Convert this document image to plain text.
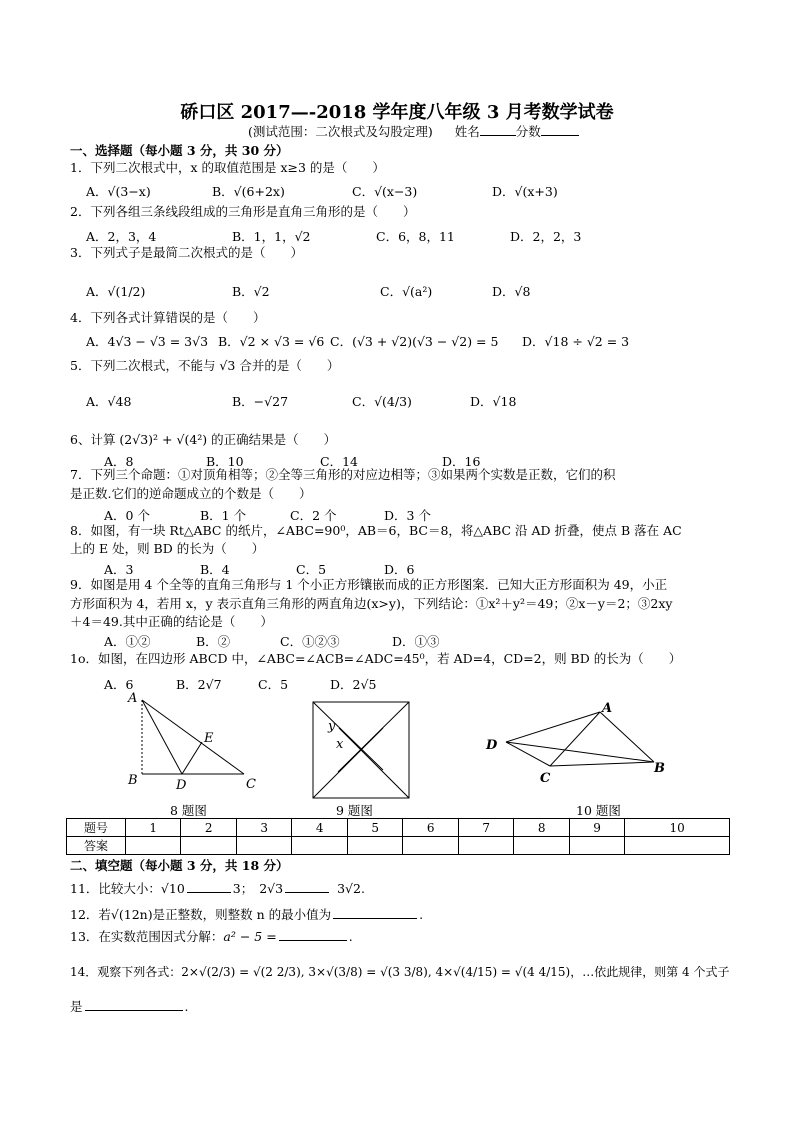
硚口区 2017—-2018 学年度八年级 3 月考数学试卷
(测试范围：二次根式及勾股定理) 姓名	分数
一、选择题（每小题 3 分，共 30 分）
1．下列二次根式中，x 的取值范围是 x≥3 的是（　　）
A．√(3−x)	B．√(6+2x)	C．√(x−3)	D．√(x+3)
2．下列各组三条线段组成的三角形是直角三角形的是（　　）
A．2，3，4	B．1，1，√2	C．6，8，11	D．2，2，3
3．下列式子是最简二次根式的是（　　）
A．√(1/2)	B．√2	C．√(a²)	D．√8
4．下列各式计算错误的是（　　）
A．4√3 − √3 = 3√3 B．√2 × √3 = √6 C．(√3 + √2)(√3 − √2) = 5 D．√18 ÷ √2 = 3
5．下列二次根式，不能与 √3 合并的是（　　）
A．√48	B．−√27	C．√(4/3)	D．√18
6、计算 (2√3)² + √(4²) 的正确结果是（　　）
A．8	B．10	C．14	D．16
7．下列三个命题：①对顶角相等；②全等三角形的对应边相等；③如果两个实数是正数，它们的积
是正数.它们的逆命题成立的个数是（　　）
A．0 个	B．1 个	C．2 个	D．3 个
8．如图，有一块 Rt△ABC 的纸片，∠ABC=90⁰，AB＝6，BC＝8，将△ABC 沿 AD 折叠，使点 B 落在 AC
上的 E 处，则 BD 的长为（　　）
A．3	B．4	C．5	D．6
9．如图是用 4 个全等的直角三角形与 1 个小正方形镶嵌而成的正方形图案．已知大正方形面积为 49，小正
方形面积为 4，若用 x，y 表示直角三角形的两直角边(x>y)，下列结论：①x²＋y²＝49；②x－y＝2；③2xy
＋4＝49.其中正确的结论是（　　）
A．①②	B．②	C．①②③	D．①③
1o．如图，在四边形 ABCD 中，∠ABC=∠ACB=∠ADC=45⁰，若 AD=4，CD=2，则 BD 的长为（　　）
A．6	B．2√7	C．5	D．2√5
A
B	C
D
E
8 题图
y
x
9 题图
A
B
C
D
10 题图
题号	1	2	3	4	5	6	7	8	9	10
答案										
二、填空题（每小题 3 分，共 18 分）
11．比较大小：√10	3； 2√3	3√2.
12．若√(12n)是正整数，则整数 n 的最小值为	.
13．在实数范围因式分解：a² − 5 =	.
14．观察下列各式：2×√(2/3) = √(2 2/3), 3×√(3/8) = √(3 3/8), 4×√(4/15) = √(4 4/15)，…依此规律，则第 4 个式子
是	.
